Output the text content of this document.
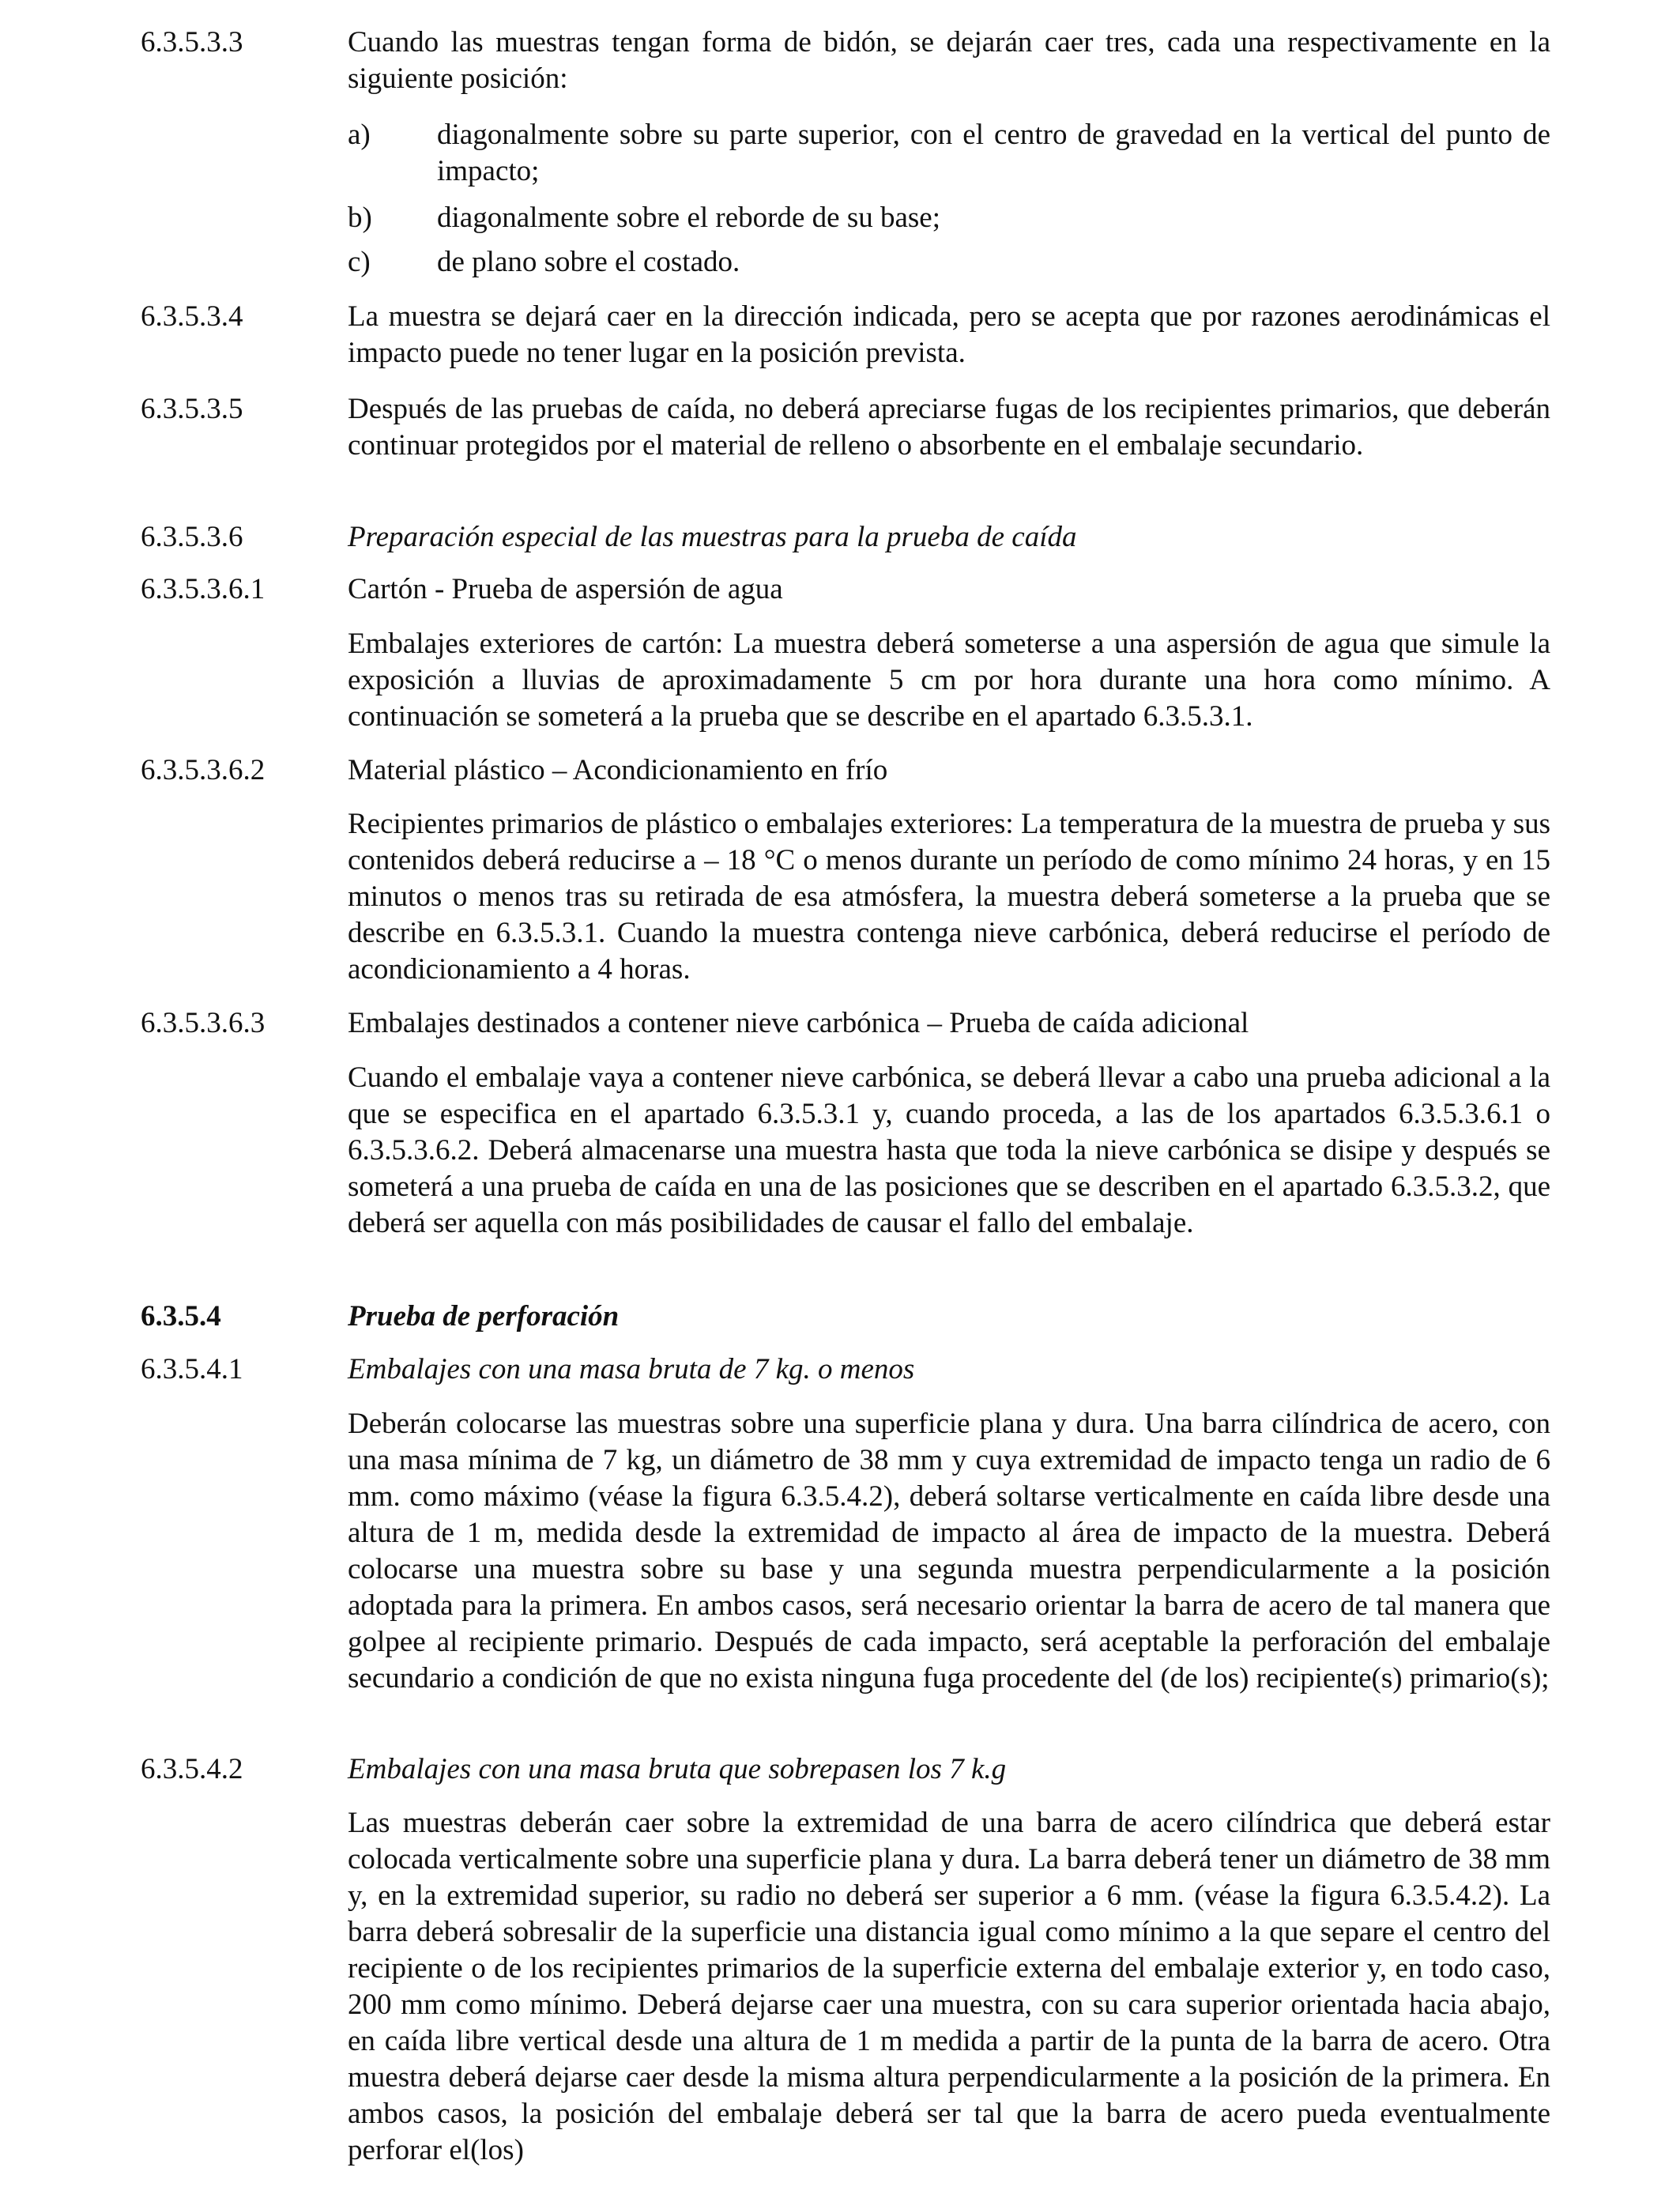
6.3.5.3.3	Cuando las muestras tengan forma de bidón, se dejarán caer tres, cada una respectivamente en la siguiente posición:
a) diagonalmente sobre su parte superior, con el centro de gravedad en la vertical del punto de impacto;
b) diagonalmente sobre el reborde de su base;
c) de plano sobre el costado.
6.3.5.3.4	La muestra se dejará caer en la dirección indicada, pero se acepta que por razones aerodinámicas el impacto puede no tener lugar en la posición prevista.
6.3.5.3.5	Después de las pruebas de caída, no deberá apreciarse fugas de los recipientes primarios, que deberán continuar protegidos por el material de relleno o absorbente en el embalaje secundario.
6.3.5.3.6	Preparación especial de las muestras para la prueba de caída
6.3.5.3.6.1	Cartón - Prueba de aspersión de agua
Embalajes exteriores de cartón: La muestra deberá someterse a una aspersión de agua que simule la exposición a lluvias de aproximadamente 5 cm por hora durante una hora como mínimo. A continuación se someterá a la prueba que se describe en el apartado 6.3.5.3.1.
6.3.5.3.6.2	Material plástico – Acondicionamiento en frío
Recipientes primarios de plástico o embalajes exteriores: La temperatura de la muestra de prueba y sus contenidos deberá reducirse a – 18 °C o menos durante un período de como mínimo 24 horas, y en 15 minutos o menos tras su retirada de esa atmósfera, la muestra deberá someterse a la prueba que se describe en 6.3.5.3.1. Cuando la muestra contenga nieve carbónica, deberá reducirse el período de acondicionamiento a 4 horas.
6.3.5.3.6.3	Embalajes destinados a contener nieve carbónica – Prueba de caída adicional
Cuando el embalaje vaya a contener nieve carbónica, se deberá llevar a cabo una prueba adicional a la que se especifica en el apartado 6.3.5.3.1 y, cuando proceda, a las de los apartados 6.3.5.3.6.1 o 6.3.5.3.6.2. Deberá almacenarse una muestra hasta que toda la nieve carbónica se disipe y después se someterá a una prueba de caída en una de las posiciones que se describen en el apartado 6.3.5.3.2, que deberá ser aquella con más posibilidades de causar el fallo del embalaje.
6.3.5.4	Prueba de perforación
6.3.5.4.1	Embalajes con una masa bruta de 7 kg. o menos
Deberán colocarse las muestras sobre una superficie plana y dura. Una barra cilíndrica de acero, con una masa mínima de 7 kg, un diámetro de 38 mm y cuya extremidad de impacto tenga un radio de 6 mm. como máximo (véase la figura 6.3.5.4.2), deberá soltarse verticalmente en caída libre desde una altura de 1 m, medida desde la extremidad de impacto al área de impacto de la muestra. Deberá colocarse una muestra sobre su base y una segunda muestra perpendicularmente a la posición adoptada para la primera. En ambos casos, será necesario orientar la barra de acero de tal manera que golpee al recipiente primario. Después de cada impacto, será aceptable la perforación del embalaje secundario a condición de que no exista ninguna fuga procedente del (de los) recipiente(s) primario(s);
6.3.5.4.2	Embalajes con una masa bruta que sobrepasen los 7 k.g
Las muestras deberán caer sobre la extremidad de una barra de acero cilíndrica que deberá estar colocada verticalmente sobre una superficie plana y dura. La barra deberá tener un diámetro de 38 mm y, en la extremidad superior, su radio no deberá ser superior a 6 mm. (véase la figura 6.3.5.4.2). La barra deberá sobresalir de la superficie una distancia igual como mínimo a la que separe el centro del recipiente o de los recipientes primarios de la superficie externa del embalaje exterior y, en todo caso, 200 mm como mínimo. Deberá dejarse caer una muestra, con su cara superior orientada hacia abajo, en caída libre vertical desde una altura de 1 m medida a partir de la punta de la barra de acero. Otra muestra deberá dejarse caer desde la misma altura perpendicularmente a la posición de la primera. En ambos casos, la posición del embalaje deberá ser tal que la barra de acero pueda eventualmente perforar el(los)
